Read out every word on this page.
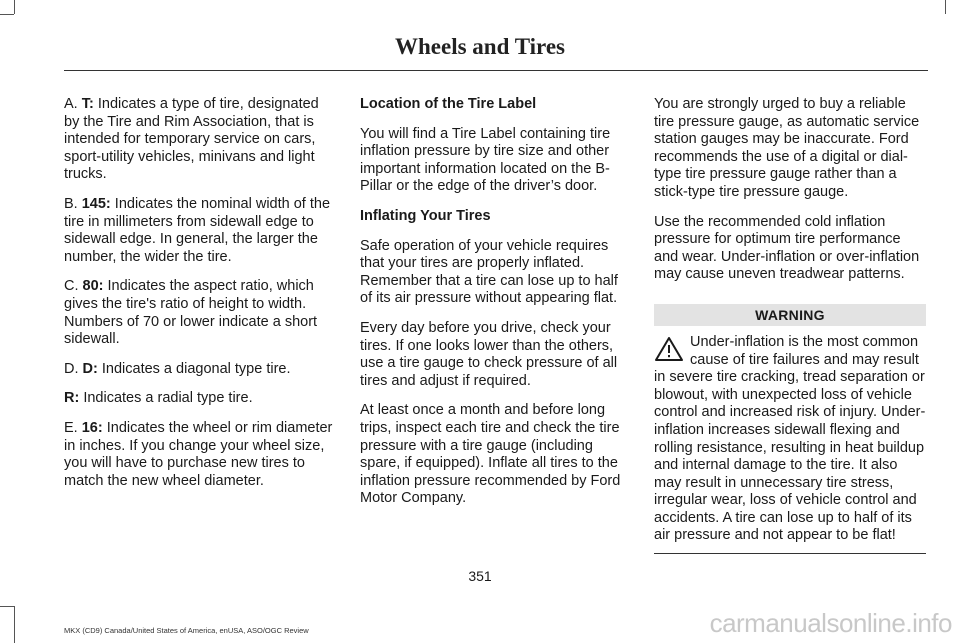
Wheels and Tires

A. T: Indicates a type of tire, designated by the Tire and Rim Association, that is intended for temporary service on cars, sport-utility vehicles, minivans and light trucks.

B. 145: Indicates the nominal width of the tire in millimeters from sidewall edge to sidewall edge. In general, the larger the number, the wider the tire.

C. 80: Indicates the aspect ratio, which gives the tire's ratio of height to width. Numbers of 70 or lower indicate a short sidewall.

D. D: Indicates a diagonal type tire.

R: Indicates a radial type tire.

E. 16: Indicates the wheel or rim diameter in inches. If you change your wheel size, you will have to purchase new tires to match the new wheel diameter.

Location of the Tire Label

You will find a Tire Label containing tire inflation pressure by tire size and other important information located on the B-Pillar or the edge of the driver’s door.

Inflating Your Tires

Safe operation of your vehicle requires that your tires are properly inflated. Remember that a tire can lose up to half of its air pressure without appearing flat.

Every day before you drive, check your tires. If one looks lower than the others, use a tire gauge to check pressure of all tires and adjust if required.

At least once a month and before long trips, inspect each tire and check the tire pressure with a tire gauge (including spare, if equipped). Inflate all tires to the inflation pressure recommended by Ford Motor Company.

You are strongly urged to buy a reliable tire pressure gauge, as automatic service station gauges may be inaccurate. Ford recommends the use of a digital or dial-type tire pressure gauge rather than a stick-type tire pressure gauge.

Use the recommended cold inflation pressure for optimum tire performance and wear. Under-inflation or over-inflation may cause uneven treadwear patterns.

WARNING
Under-inflation is the most common cause of tire failures and may result in severe tire cracking, tread separation or blowout, with unexpected loss of vehicle control and increased risk of injury. Under-inflation increases sidewall flexing and rolling resistance, resulting in heat buildup and internal damage to the tire. It also may result in unnecessary tire stress, irregular wear, loss of vehicle control and accidents. A tire can lose up to half of its air pressure and not appear to be flat!
351
MKX (CD9) Canada/United States of America, enUSA, ASO/OGC Review	carmanualsonline.info
